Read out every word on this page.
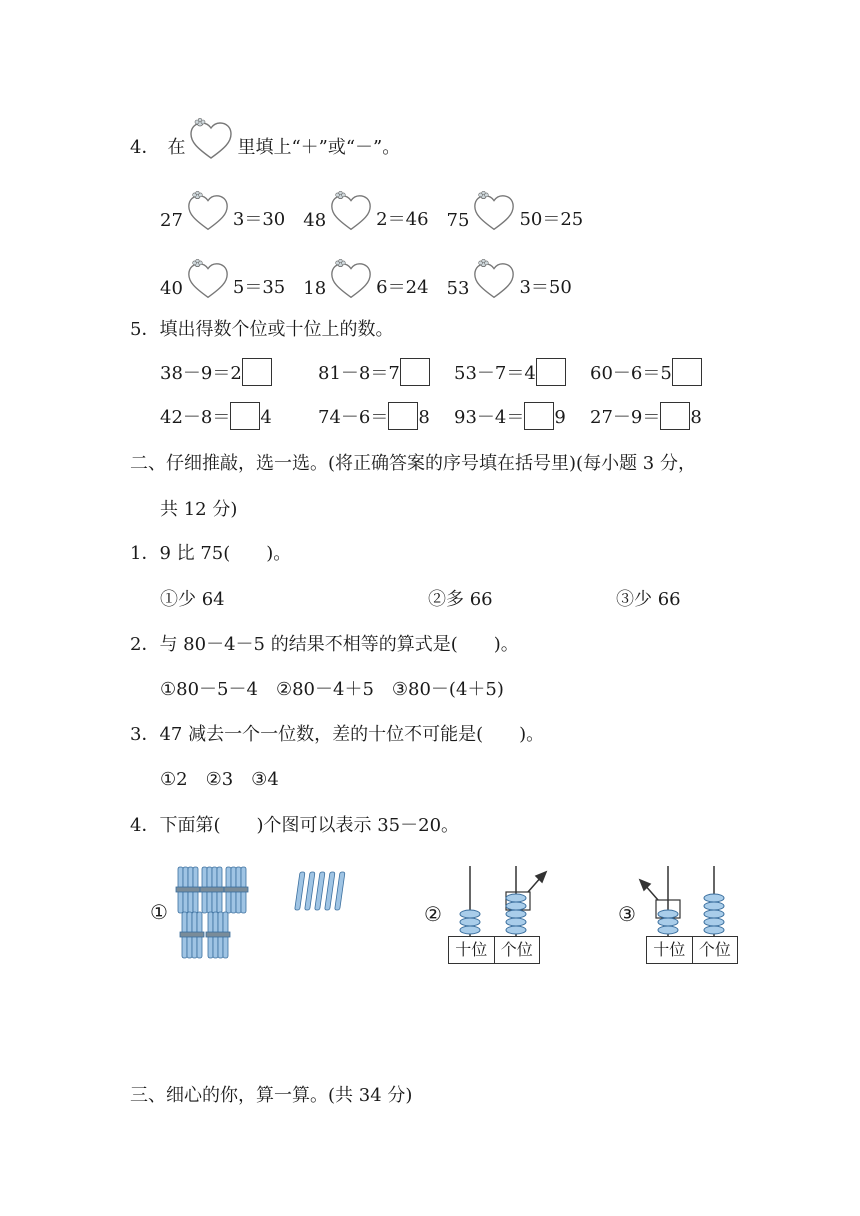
4． 在	里填上“＋”或“－”。
27	3＝30 48	2＝46 75	50＝25
40	5＝35 18	6＝24 53	3＝50
5．填出得数个位或十位上的数。
38－9＝2	81－8＝7	53－7＝4	60－6＝5
42－8＝ 4	74－6＝ 8 93－4＝ 9 27－9＝ 8
二、仔细推敲，选一选。(将正确答案的序号填在括号里)(每小题 3 分，
共 12 分)
1．9 比 75(　　)。
①少 64	②多 66	③少 66
2．与 80－4－5 的结果不相等的算式是(　　)。
①80－5－4　②80－4＋5　③80－(4＋5)
3．47 减去一个一位数，差的十位不可能是(　　)。
①2　②3　③4
4．下面第(　　)个图可以表示 35－20。
①	②
十位 个位
③
十位 个位
三、细心的你，算一算。(共 34 分)
